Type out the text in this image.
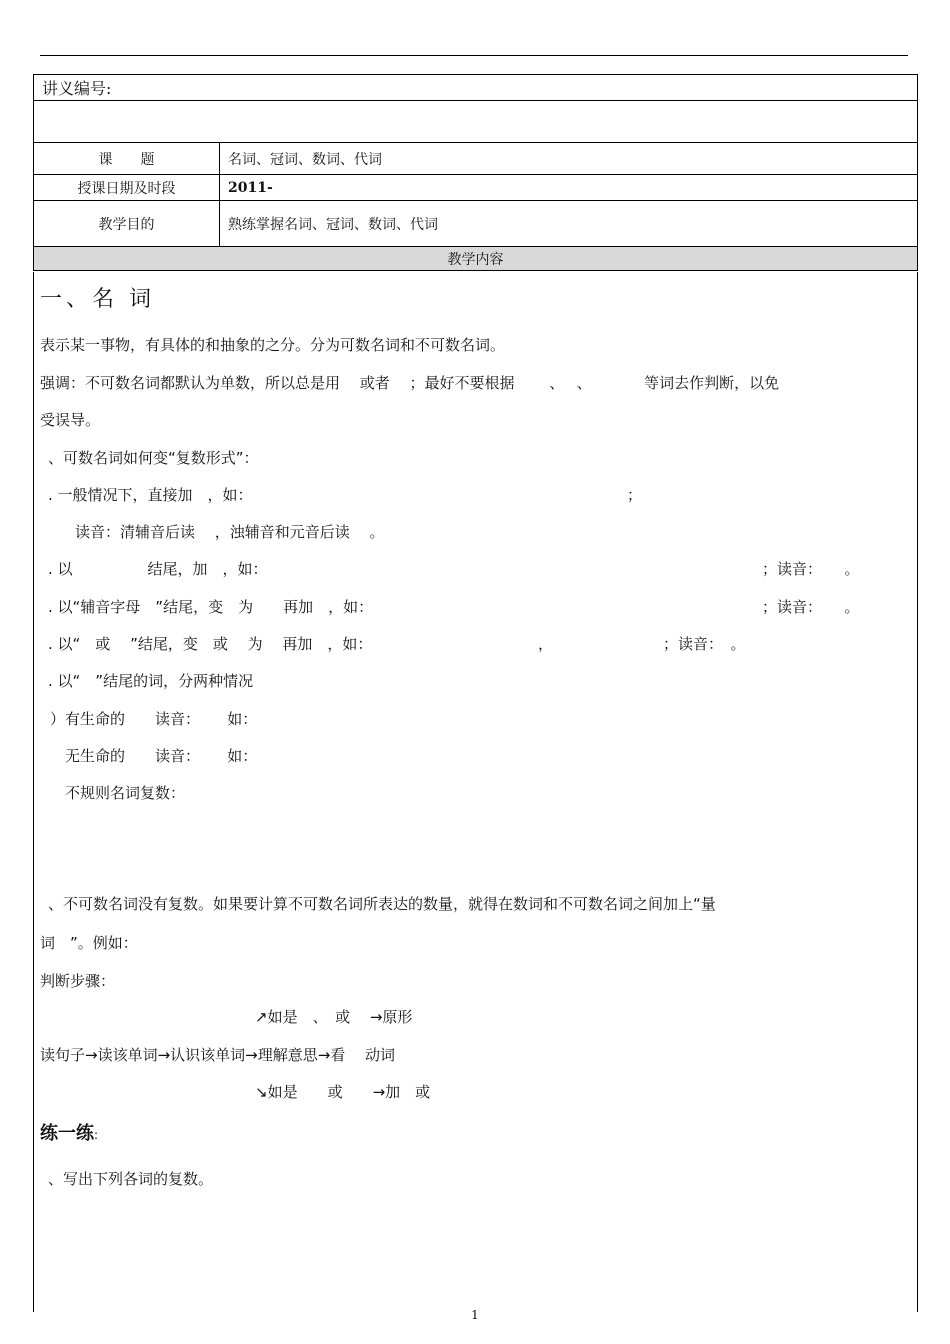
讲义编号:	

课　　题	名词、冠词、数词、代词
授课日期及时段	2011-
教学目的	熟练掌握名词、冠词、数词、代词
教学内容	
一、名 词
表示某一事物，有具体的和抽象的之分。分为可数名词和不可数名词。
强调：不可数名词都默认为单数，所以总是用　 或者　 ；最好不要根据　　 、　 、　　　　等词去作判断，以免
受误导。
、可数名词如何变“复数形式”：
. 一般情况下，直接加　，如：	；
读音：清辅音后读　 ，浊辅音和元音后读　 。
. 以　　　　　结尾，加　，如：	；读音：　　。
. 以“辅音字母　”结尾，变　为　　再加　，如：	；读音：　　。
. 以“　或　 ”结尾，变　或　 为　 再加　，如：	，	；读音：　。
. 以“　”结尾的词，分两种情况
）有生命的　　读音：　　 如：
无生命的　　读音：　　 如：
不规则名词复数：
、不可数名词没有复数。如果要计算不可数名词所表达的数量，就得在数词和不可数名词之间加上“量
词　”。例如：
判断步骤：
↗如是　、　或　 →原形
读句子→读该单词→认识该单词→理解意思→看　 动词
↘如是　　或　　→加　或
练一练:
、写出下列各词的复数。
1
